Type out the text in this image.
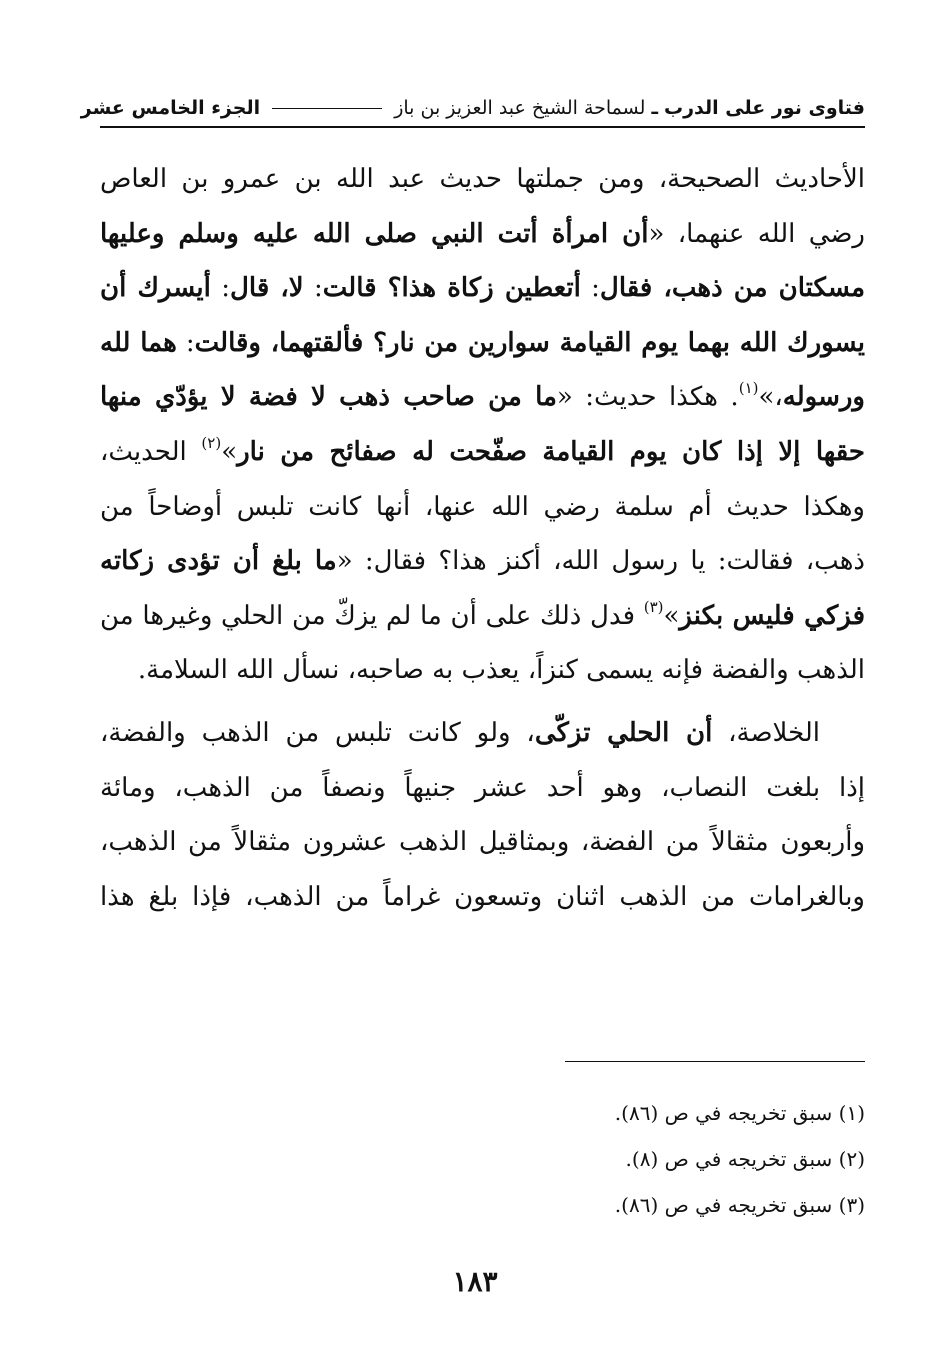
فتاوى نور على الدرب ـ لسماحة الشيخ عبد العزيز بن باز  الجزء الخامس عشر
الأحاديث الصحيحة، ومن جملتها حديث عبد الله بن عمرو بن العاص
رضي الله عنهما، «أن امرأة أتت النبي صلى الله عليه وسلم وعليها
مسكتان من ذهب، فقال: أتعطين زكاة هذا؟ قالت: لا، قال: أيسرك أن
يسورك الله بهما يوم القيامة سوارين من نار؟ فألقتهما، وقالت: هما لله
ورسوله،»$^{(١)}$. هكذا حديث: «ما من صاحب ذهب لا فضة لا يؤدّي منها
حقها إلا إذا كان يوم القيامة صفّحت له صفائح من نار»$^{(٢)}$ الحديث،
وهكذا حديث أم سلمة رضي الله عنها، أنها كانت تلبس أوضاحاً من
ذهب، فقالت: يا رسول الله، أكنز هذا؟ فقال: «ما بلغ أن تؤدى زكاته
فزكي فليس بكنز»$^{(٣)}$ فدل ذلك على أن ما لم يزكّ من الحلي وغيرها من
الذهب والفضة فإنه يسمى كنزاً، يعذب به صاحبه، نسأل الله السلامة.
الخلاصة، أن الحلي تزكّى، ولو كانت تلبس من الذهب والفضة،
إذا بلغت النصاب، وهو أحد عشر جنيهاً ونصفاً من الذهب، ومائة
وأربعون مثقالاً من الفضة، وبمثاقيل الذهب عشرون مثقالاً من الذهب،
وبالغرامات من الذهب اثنان وتسعون غراماً من الذهب، فإذا بلغ هذا
(١) سبق تخريجه في ص (٨٦).
(٢) سبق تخريجه في ص (٨).
(٣) سبق تخريجه في ص (٨٦).
١٨٣
